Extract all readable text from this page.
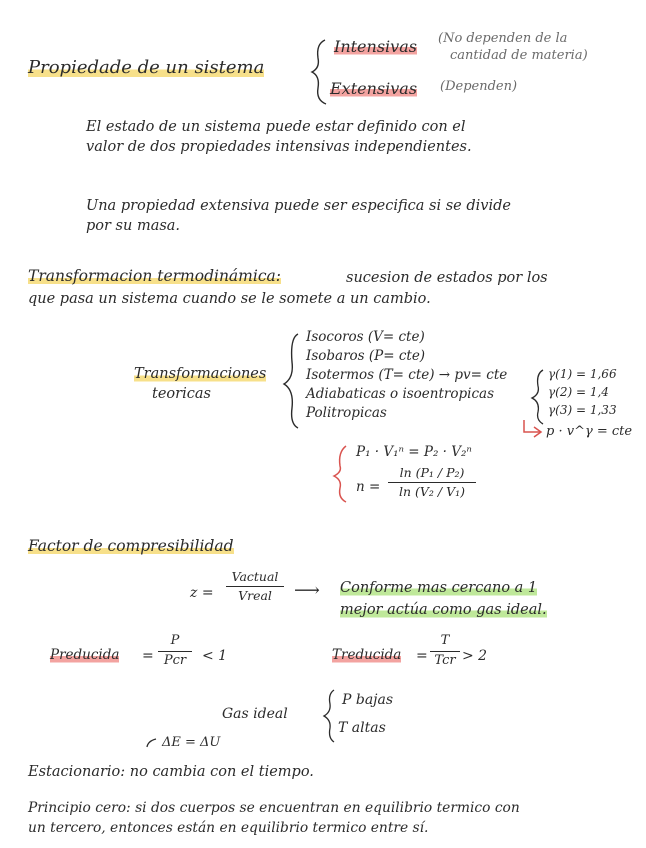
Propiedade de un sistema
Intensivas (No dependen de la
cantidad de materia)
Extensivas (Dependen)
El estado de un sistema puede estar definido con el
valor de dos propiedades intensivas independientes.
Una propiedad extensiva puede ser especifica si se divide
por su masa.
Transformacion termodinámica:	sucesion de estados por los
que pasa un sistema cuando se le somete a un cambio.
Transformaciones
teoricas
Isocoros (V= cte)
Isobaros (P= cte)
Isotermos (T= cte) → pv= cte
Adiabaticas o isoentropicas
Politropicas
γ(1) = 1,66
γ(2) = 1,4
γ(3) = 1,33
p · v^γ = cte
P₁ · V₁ⁿ = P₂ · V₂ⁿ
n =
ln (P₁ / P₂)
ln (V₂ / V₁)
Factor de compresibilidad
z =
Vactual
Vreal	⟶ Conforme mas cercano a 1
mejor actúa como gas ideal.
Preducida =
P
Pcr	< 1	Treducida =
T
Tcr > 2
Gas ideal
P bajas
T altas
ΔE = ΔU
Estacionario: no cambia con el tiempo.
Principio cero: si dos cuerpos se encuentran en equilibrio termico con
un tercero, entonces están en equilibrio termico entre sí.
